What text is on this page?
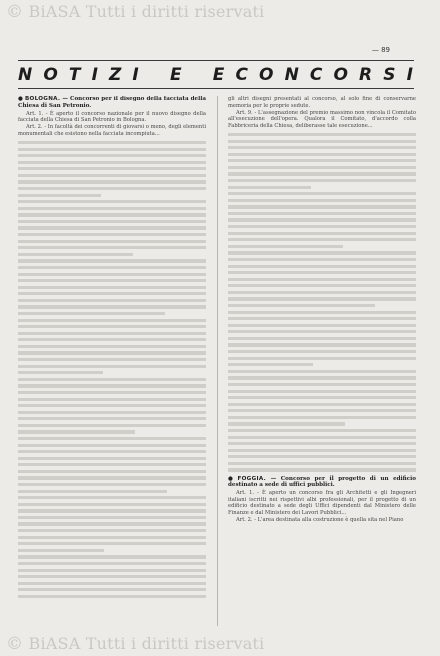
© BiASA Tutti i diritti riservati
— 89
N O T I Z I E E C O N C O R S I
● BOLOGNA. — Concorso per il disegno della facciata della Chiesa di San Petronio.

Art. 1. - È aperto il concorso nazionale per il nuovo disegno della facciata della Chiesa di San Petronio in Bologna.

Art. 2. - In facoltà dei concorrenti di giovarsi o meno, degli elementi monumentali che esistono nella facciata incompiuta...

gli altri disegni presentati al concorso, al solo fine di conservarne memoria per le proprie sedute.

Art. 9. - L'assegnazione del premio massimo non vincola il Comitato all'esecuzione dell'opera. Qualora il Comitato, d'accordo colla Fabbriceria della Chiesa, deliberasse tale esecuzione...

● FOGGIA. — Concorso per il progetto di un edificio destinato a sede di uffici pubblici.

Art. 1. - È aperto un concorso fra gli Architetti e gli Ingegneri italiani iscritti nei rispettivi albi professionali, per il progetto di un edificio destinato a sede degli Uffici dipendenti dal Ministero delle Finanze e dal Ministero dei Lavori Pubblici...

Art. 2. - L'area destinata alla costruzione è quella sita nel Piano

© BiASA Tutti i diritti riservati
